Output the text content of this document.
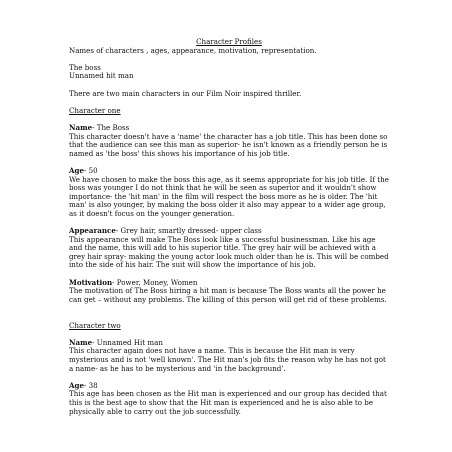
Character Profiles

Names of characters , ages, appearance, motivation, representation.

The boss

Unnamed hit man

There are two main characters in our Film Noir inspired thriller.

Character one

Name- The Boss

This character doesn't have a 'name' the character has a job title. This has been done so that the audience can see this man as superior- he isn't known as a friendly person he is named as 'the boss' this shows his importance of his job title.

Age- 50

We have chosen to make the boss this age, as it seems appropriate for his job title. If the boss was younger I do not think that he will be seen as superior and it wouldn't show importance- the 'hit man' in the film will respect the boss more as he is older. The 'hit man' is also younger, by making the boss older it also may appear to a wider age group, as it doesn't focus on the younger generation.

Appearance- Grey hair, smartly dressed- upper class

This appearance will make The Boss look like a successful businessman. Like his age and the name, this will add to his superior title. The grey hair will be achieved with a grey hair spray- making the young actor look much older than he is. This will be combed into the side of his hair. The suit will show the importance of his job.

Motivation- Power, Money, Women

The motivation of The Boss hiring a hit man is because The Boss wants all the power he can get – without any problems. The killing of this person will get rid of these problems.

Character two

Name- Unnamed Hit man

This character again does not have a name. This is because the Hit man is very mysterious and is not 'well known'. The Hit man's job fits the reason why he has not got a name- as he has to be mysterious and 'in the background'.

Age- 38

This age has been chosen as the Hit man is experienced and our group has decided that this is the best age to show that the Hit man is experienced and he is also able to be physically able to carry out the job successfully.
